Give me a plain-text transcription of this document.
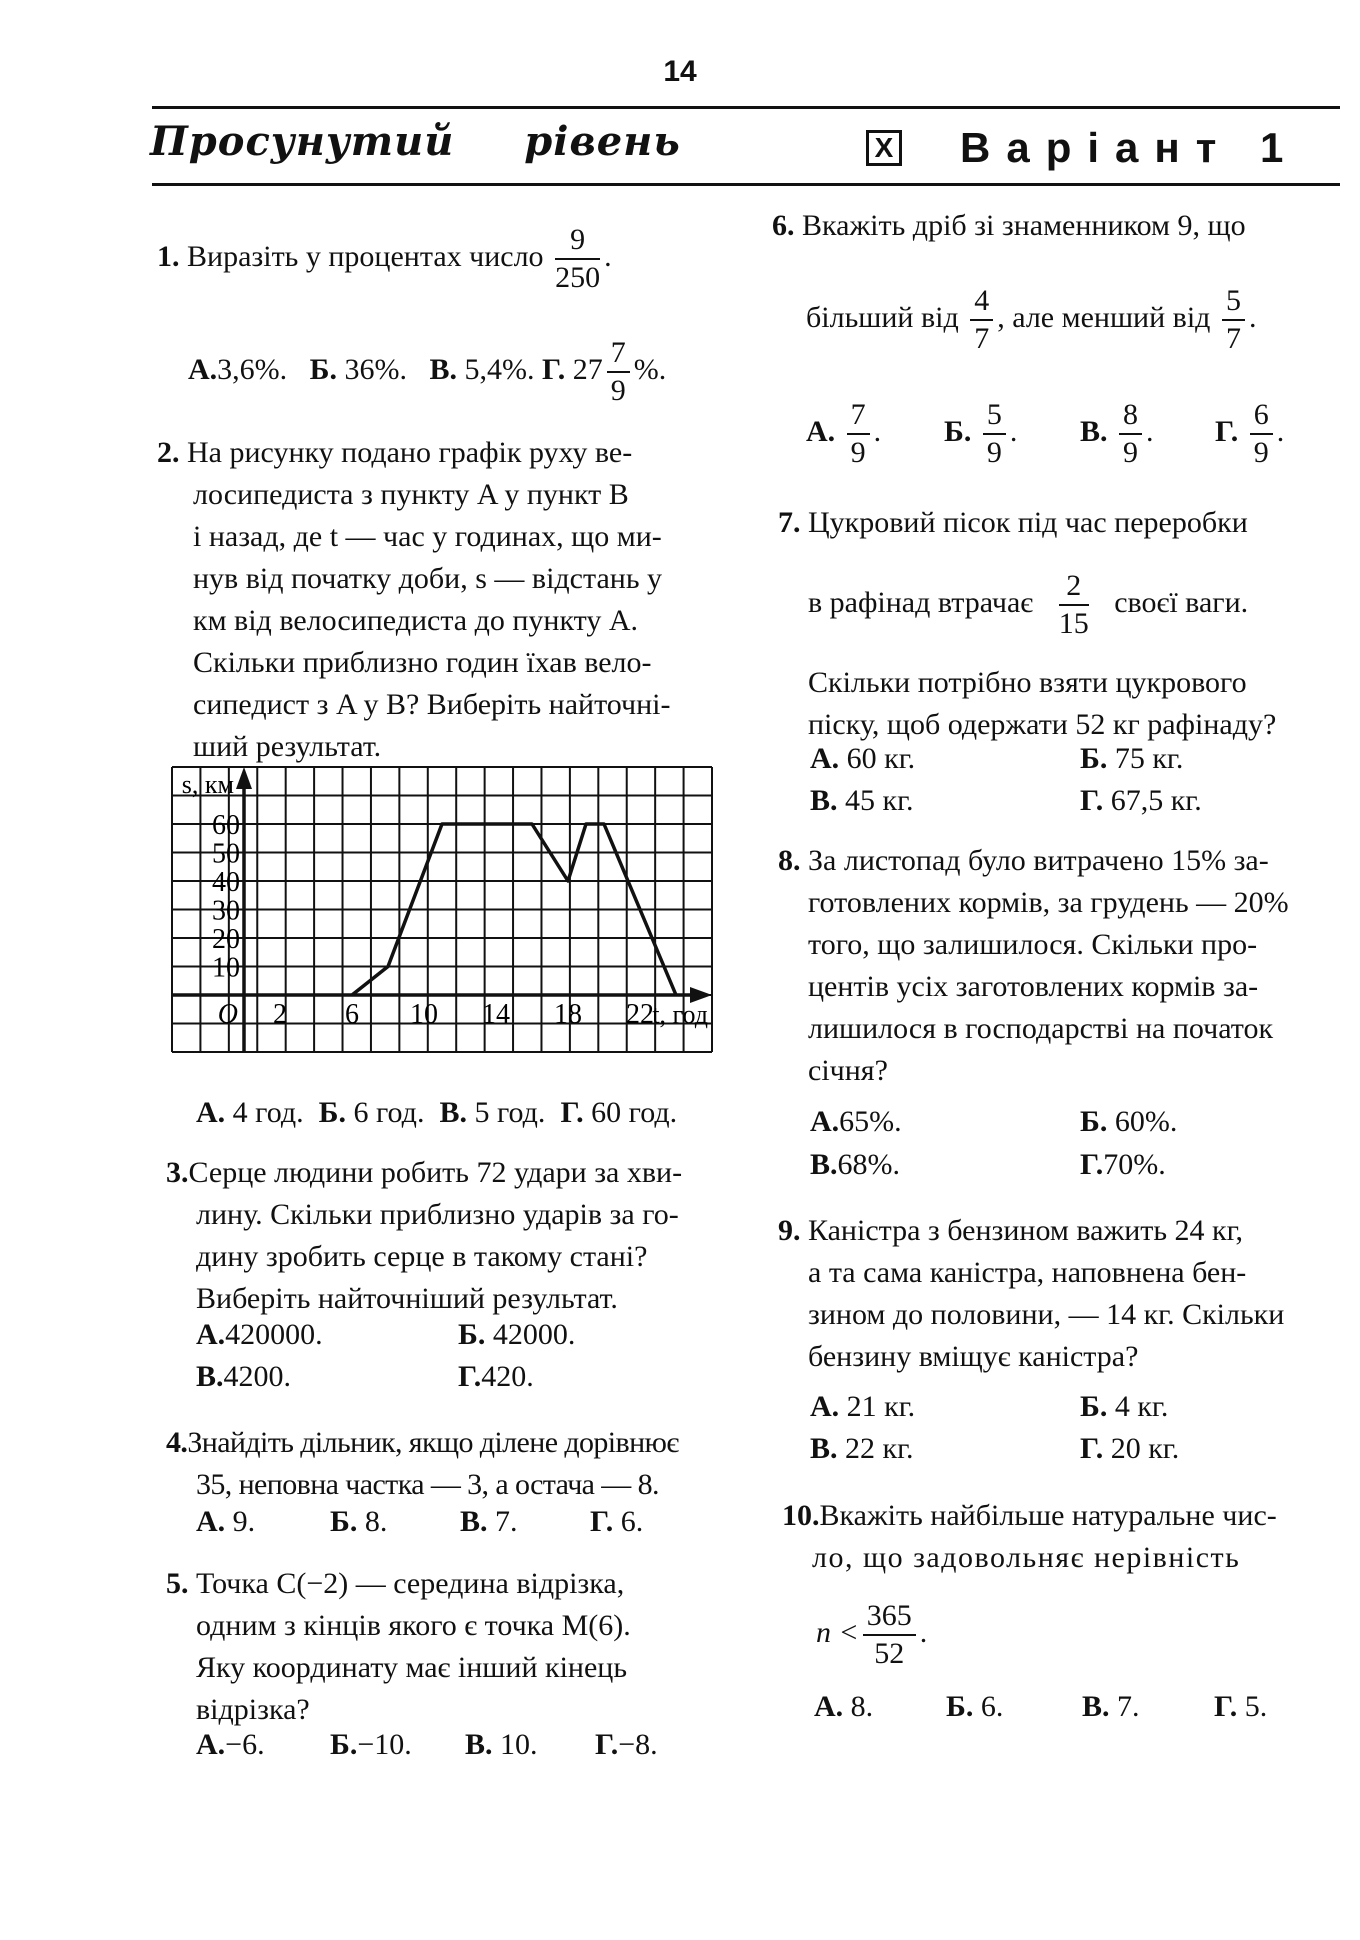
14
Просунутий рівень	X Варіант 1
1. Виразіть у процентах число $\frac{9}{250}$ .
А.3,6%. Б. 36%. В. 5,4%. Г. $27 \frac{7}{9}$ %.
2. На рисунку подано графік руху ве-
лосипедиста з пункту A у пункт B
і назад, де t — час у годинах, що ми-
нув від початку доби, s — відстань у
км від велосипедиста до пункту A.
Скільки приблизно годин їхав вело-
сипедист з A у B? Виберіть найточні-
ший результат.
10
20
30
40
50
60
2 6 10 14 18 22
O
s, км
t, год
А. 4 год. Б. 6 год. В. 5 год. Г. 60 год.
3.Серце людини робить 72 удари за хви-
лину. Скільки приблизно ударів за го-
дину зробить серце в такому стані?
Виберіть найточніший результат.
А.420000.	Б. 42000.
В.4200.	Г.420.
4.Знайдіть дільник, якщо ділене дорівнює
35, неповна частка — 3, а остача — 8.
А. 9. Б. 8. В. 7. Г. 6.
5. Точка C(−2) — середина відрізка,
одним з кінців якого є точка M(6).
Яку координату має інший кінець
відрізка?
А.−6. Б.−10. В. 10. Г.−8.
6. Вкажіть дріб зі знаменником 9, що
більший від $\frac{4}{7}$ , але менший від $\frac{5}{7}$ .
А. $\frac{7}{9}$ . Б. $\frac{5}{9}$ . В. $\frac{8}{9}$ . Г. $\frac{6}{9}$ .
7. Цукровий пісок під час переробки
в рафінад втрачає $\frac{2}{15}$ своєї ваги.
Скільки потрібно взяти цукрового
піску, щоб одержати 52 кг рафінаду?
А. 60 кг.	Б. 75 кг.
В. 45 кг.	Г. 67,5 кг.
8. За листопад було витрачено 15% за-
готовлених кормів, за грудень — 20%
того, що залишилося. Скільки про-
центів усіх заготовлених кормів за-
лишилося в господарстві на початок
січня?
А.65%.	Б. 60%.
В.68%.	Г.70%.
9. Каністра з бензином важить 24 кг,
а та сама каністра, наповнена бен-
зином до половини, — 14 кг. Скільки
бензину вміщує каністра?
А. 21 кг.	Б. 4 кг.
В. 22 кг.	Г. 20 кг.
10.Вкажіть найбільше натуральне чис-
ло, що задовольняє нерівність
$n < \frac{365}{52}$ .
А. 8. Б. 6.	В. 7. Г. 5.
